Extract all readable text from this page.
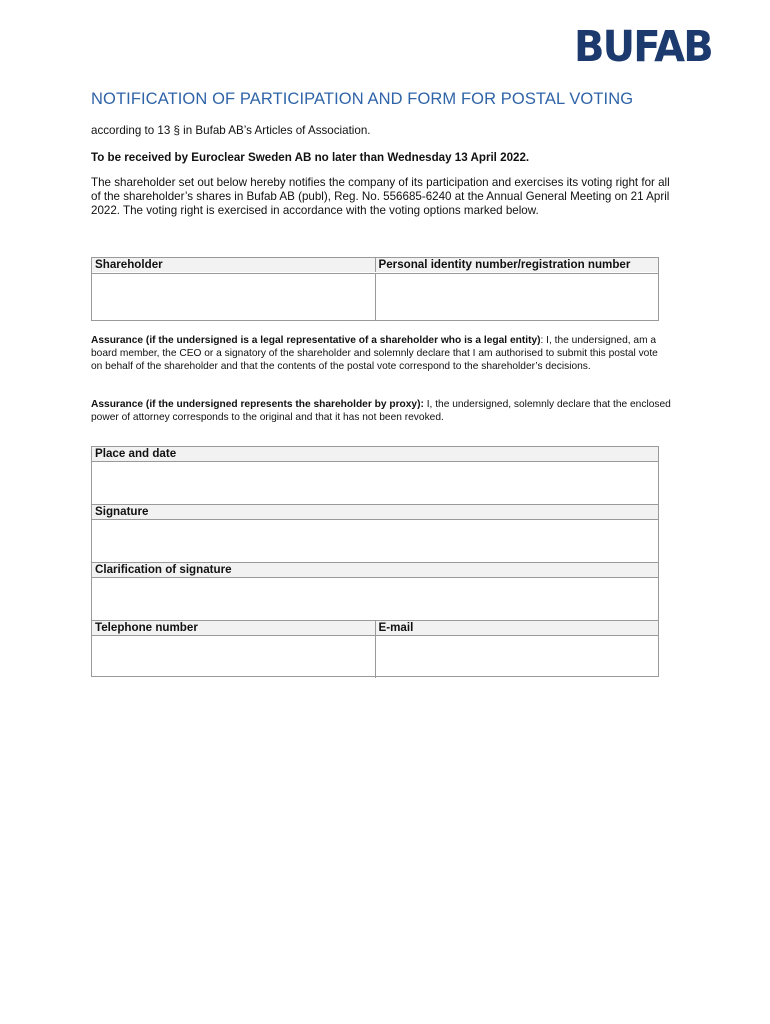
BUFAB
NOTIFICATION OF PARTICIPATION AND FORM FOR POSTAL VOTING
according to 13 § in Bufab AB’s Articles of Association.
To be received by Euroclear Sweden AB no later than Wednesday 13 April 2022.
The shareholder set out below hereby notifies the company of its participation and exercises its voting right for all of the shareholder’s shares in Bufab AB (publ), Reg. No. 556685-6240 at the Annual General Meeting on 21 April 2022. The voting right is exercised in accordance with the voting options marked below.
Shareholder	Personal identity number/registration number
Assurance (if the undersigned is a legal representative of a shareholder who is a legal entity): I, the undersigned, am a board member, the CEO or a signatory of the shareholder and solemnly declare that I am authorised to submit this postal vote on behalf of the shareholder and that the contents of the postal vote correspond to the shareholder’s decisions.
Assurance (if the undersigned represents the shareholder by proxy): I, the undersigned, solemnly declare that the enclosed power of attorney corresponds to the original and that it has not been revoked.
Place and date
Signature
Clarification of signature
Telephone number	E-mail
